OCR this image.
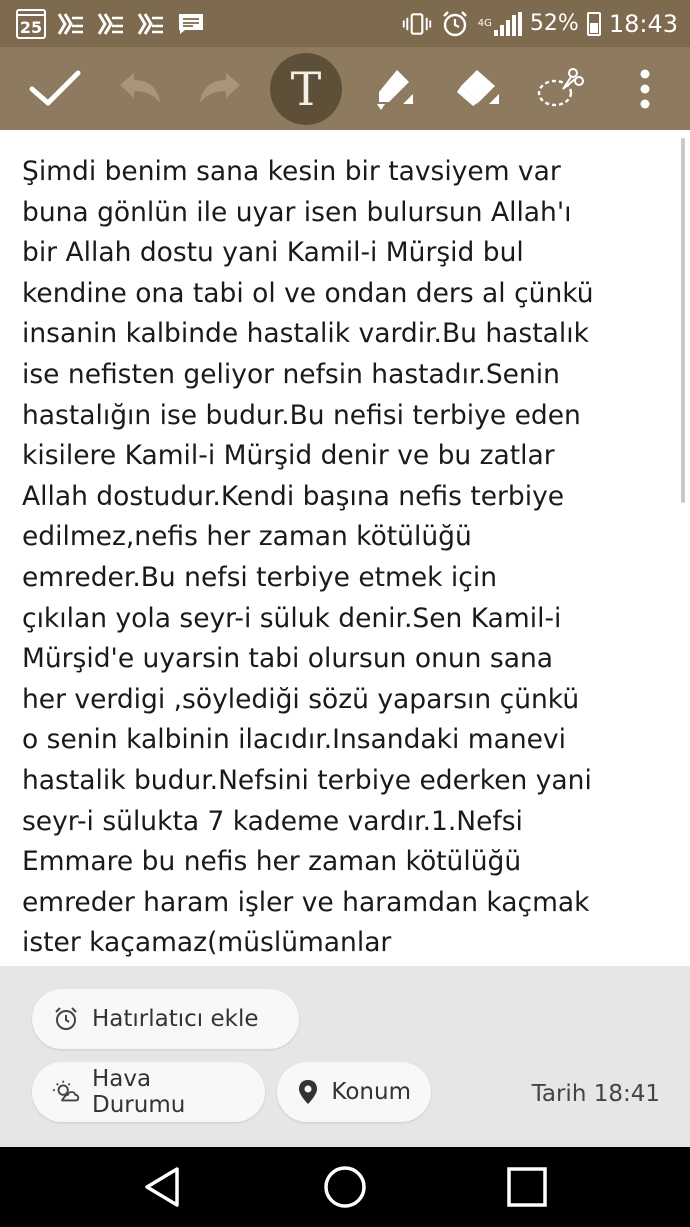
25	4G 52% 18:43
T
Şimdi benim sana kesin bir tavsiyem var
buna gönlün ile uyar isen bulursun Allah'ı
bir Allah dostu yani Kamil-i Mürşid bul
kendine ona tabi ol ve ondan ders al çünkü
insanin kalbinde hastalik vardir.Bu hastalık
ise nefisten geliyor nefsin hastadır.Senin
hastalığın ise budur.Bu nefisi terbiye eden
kisilere Kamil-i Mürşid denir ve bu zatlar
Allah dostudur.Kendi başına nefis terbiye
edilmez,nefis her zaman kötülüğü
emreder.Bu nefsi terbiye etmek için
çıkılan yola seyr-i süluk denir.Sen Kamil-i
Mürşid'e uyarsin tabi olursun onun sana
her verdigi ,söylediği sözü yaparsın çünkü
o senin kalbinin ilacıdır.Insandaki manevi
hastalik budur.Nefsini terbiye ederken yani
seyr-i sülukta 7 kademe vardır.1.Nefsi
Emmare bu nefis her zaman kötülüğü
emreder haram işler ve haramdan kaçmak
ister kaçamaz(müslümanlar
Hatırlatıcı ekle
Hava Durumu	Konum	Tarih 18:41
